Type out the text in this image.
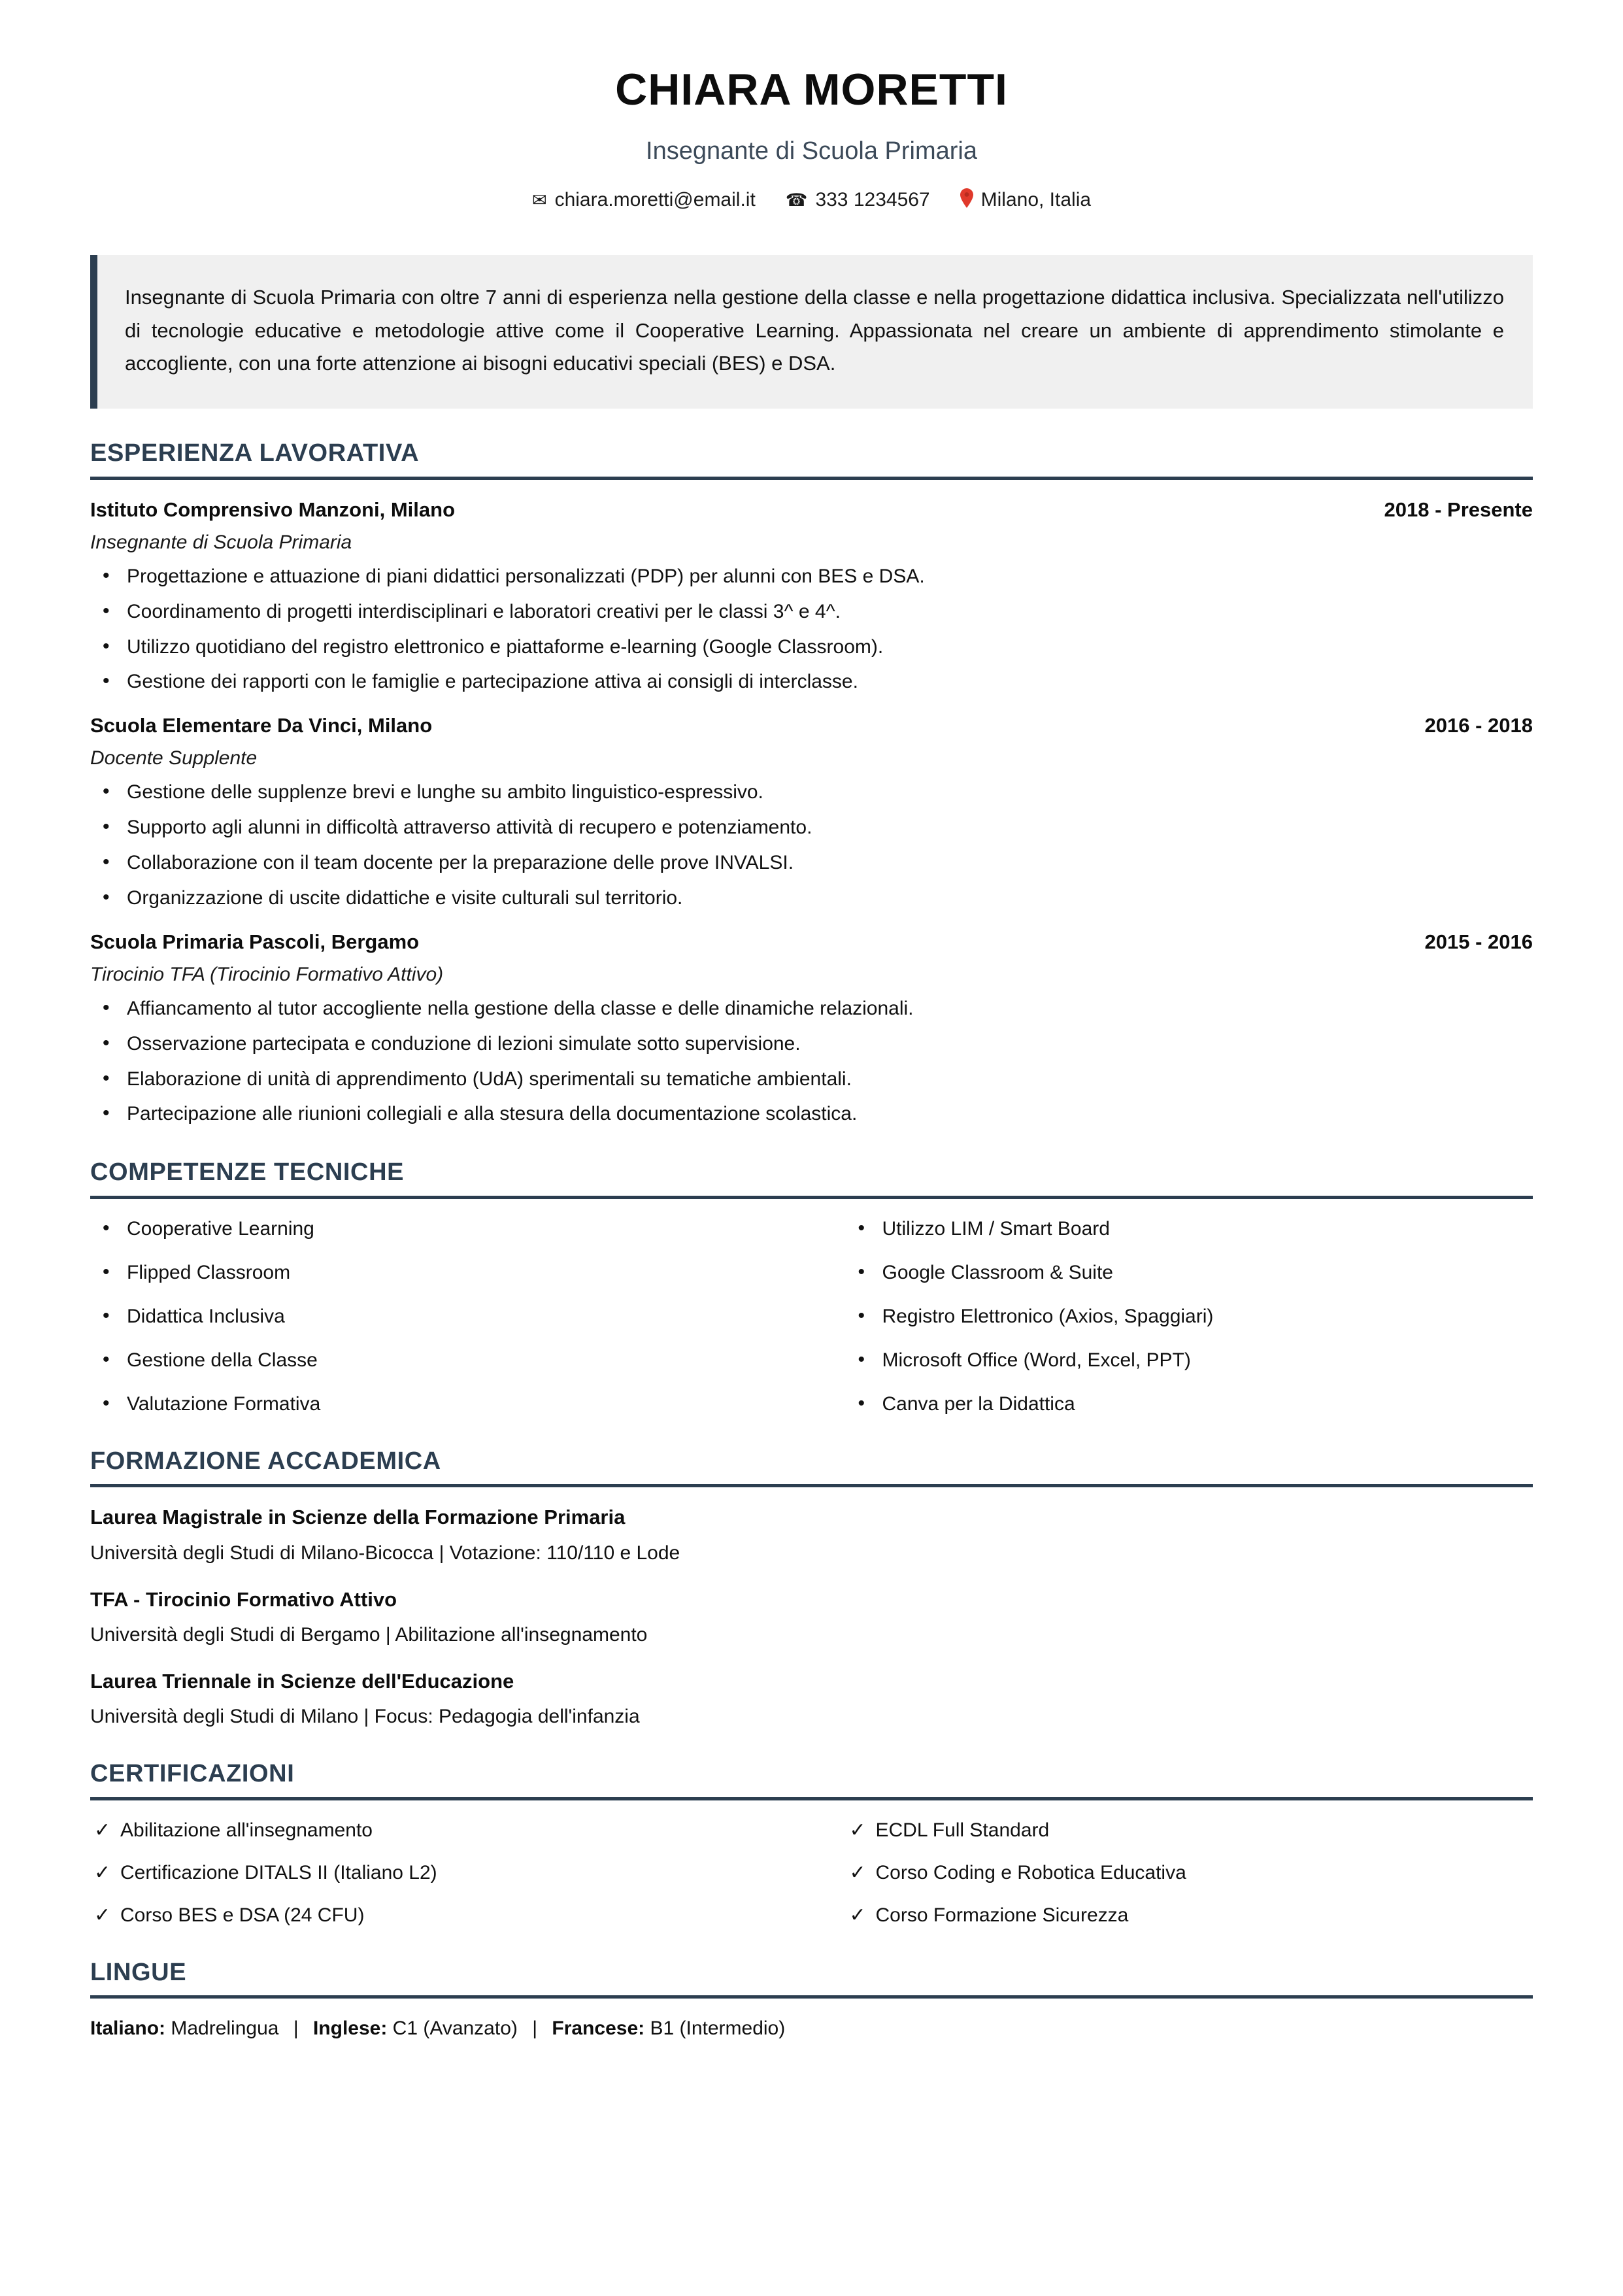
CHIARA MORETTI
Insegnante di Scuola Primaria
✉ chiara.moretti@email.it ☎ 333 1234567	Milano, Italia

Insegnante di Scuola Primaria con oltre 7 anni di esperienza nella gestione della classe e nella progettazione didattica inclusiva. Specializzata nell'utilizzo di tecnologie educative e metodologie attive come il Cooperative Learning. Appassionata nel creare un ambiente di apprendimento stimolante e accogliente, con una forte attenzione ai bisogni educativi speciali (BES) e DSA.

ESPERIENZA LAVORATIVA
Istituto Comprensivo Manzoni, Milano	2018 - Presente
Insegnante di Scuola Primaria
• Progettazione e attuazione di piani didattici personalizzati (PDP) per alunni con BES e DSA.
• Coordinamento di progetti interdisciplinari e laboratori creativi per le classi 3^ e 4^.
• Utilizzo quotidiano del registro elettronico e piattaforme e-learning (Google Classroom).
• Gestione dei rapporti con le famiglie e partecipazione attiva ai consigli di interclasse.
Scuola Elementare Da Vinci, Milano	2016 - 2018
Docente Supplente
• Gestione delle supplenze brevi e lunghe su ambito linguistico-espressivo.
• Supporto agli alunni in difficoltà attraverso attività di recupero e potenziamento.
• Collaborazione con il team docente per la preparazione delle prove INVALSI.
• Organizzazione di uscite didattiche e visite culturali sul territorio.
Scuola Primaria Pascoli, Bergamo	2015 - 2016
Tirocinio TFA (Tirocinio Formativo Attivo)
• Affiancamento al tutor accogliente nella gestione della classe e delle dinamiche relazionali.
• Osservazione partecipata e conduzione di lezioni simulate sotto supervisione.
• Elaborazione di unità di apprendimento (UdA) sperimentali su tematiche ambientali.
• Partecipazione alle riunioni collegiali e alla stesura della documentazione scolastica.
COMPETENZE TECNICHE
• Cooperative Learning
• Flipped Classroom
• Didattica Inclusiva
• Gestione della Classe
• Valutazione Formativa
• Utilizzo LIM / Smart Board
• Google Classroom & Suite
• Registro Elettronico (Axios, Spaggiari)
• Microsoft Office (Word, Excel, PPT)
• Canva per la Didattica
FORMAZIONE ACCADEMICA
Laurea Magistrale in Scienze della Formazione Primaria
Università degli Studi di Milano-Bicocca | Votazione: 110/110 e Lode
TFA - Tirocinio Formativo Attivo
Università degli Studi di Bergamo | Abilitazione all'insegnamento
Laurea Triennale in Scienze dell'Educazione
Università degli Studi di Milano | Focus: Pedagogia dell'infanzia
CERTIFICAZIONI
✓ Abilitazione all'insegnamento
✓ Certificazione DITALS II (Italiano L2)
✓ Corso BES e DSA (24 CFU)
✓ ECDL Full Standard
✓ Corso Coding e Robotica Educativa
✓ Corso Formazione Sicurezza
LINGUE
Italiano: Madrelingua | Inglese: C1 (Avanzato) | Francese: B1 (Intermedio)
